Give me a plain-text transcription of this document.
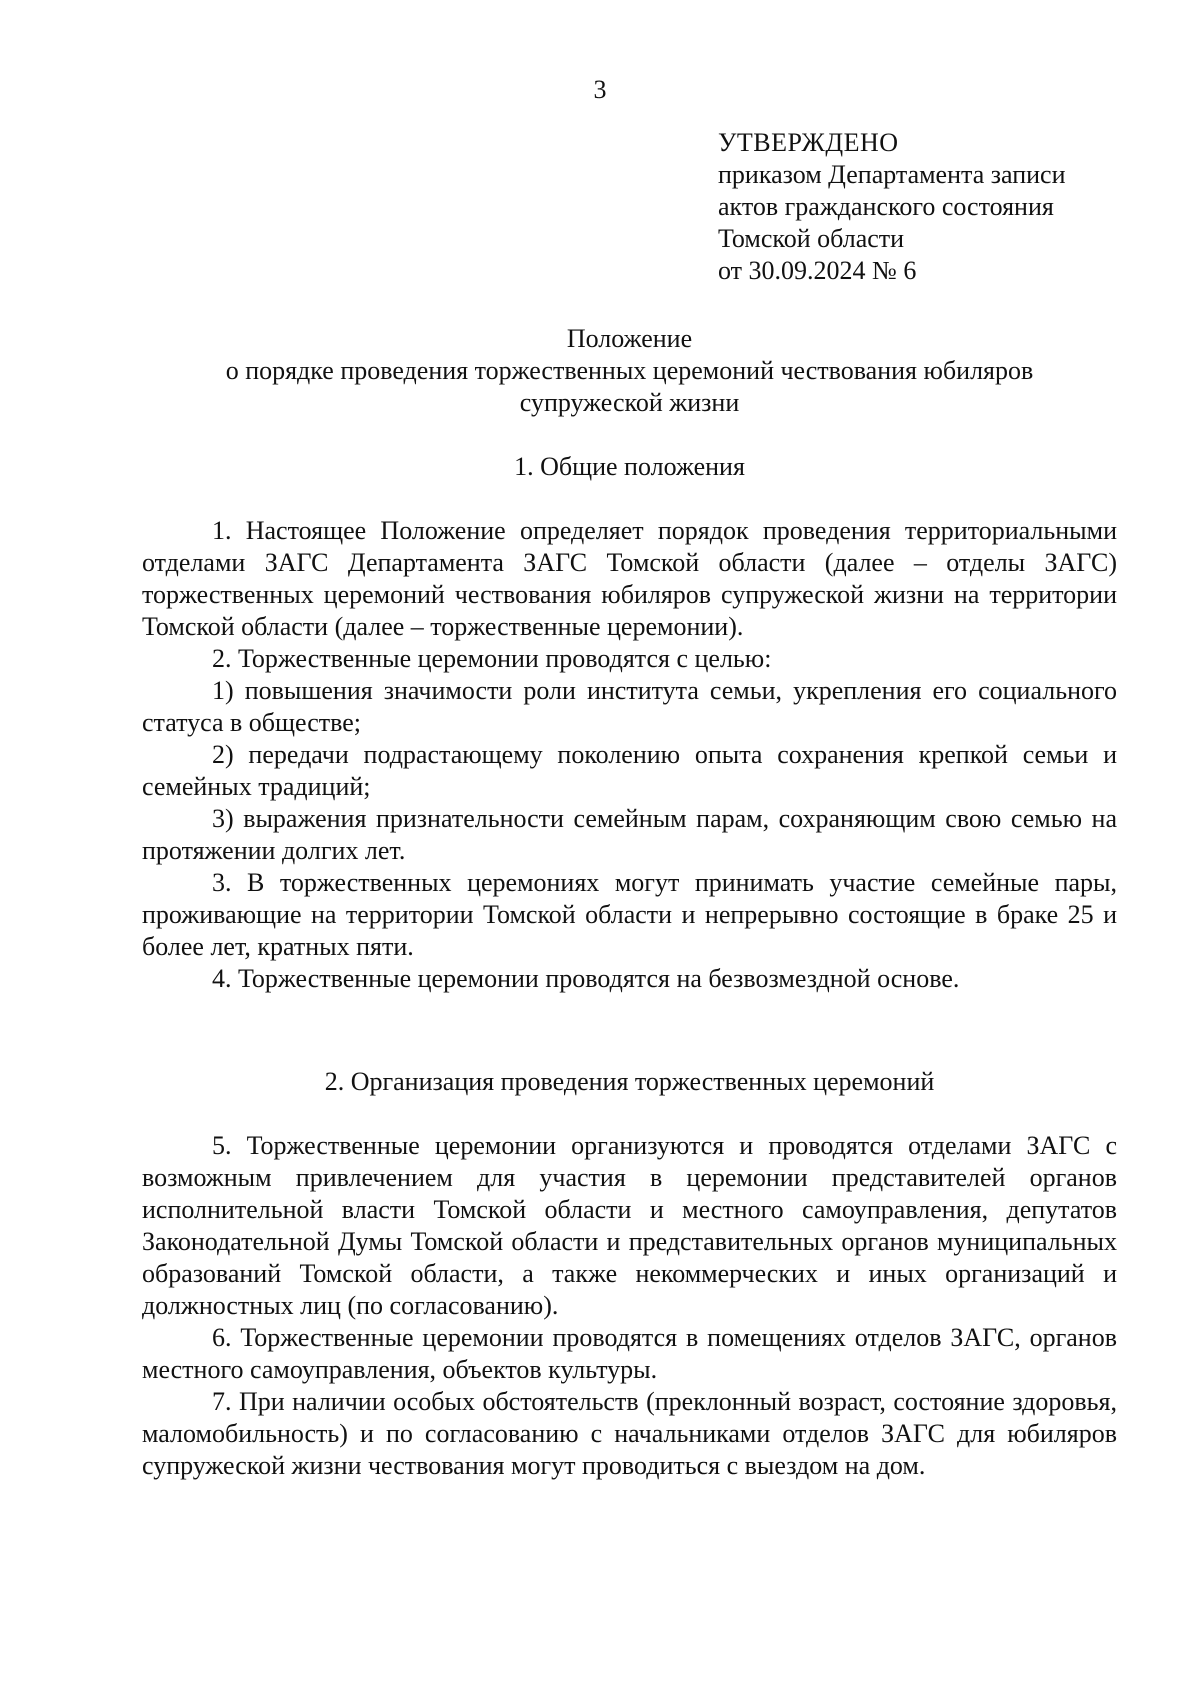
3
УТВЕРЖДЕНО
приказом Департамента записи
актов гражданского состояния
Томской области
от 30.09.2024 № 6
Положение
о порядке проведения торжественных церемоний чествования юбиляров
супружеской жизни
1. Общие положения

1. Настоящее Положение определяет порядок проведения территориальными отделами ЗАГС Департамента ЗАГС Томской области (далее – отделы ЗАГС) торжественных церемоний чествования юбиляров супружеской жизни на территории Томской области (далее – торжественные церемонии).

2. Торжественные церемонии проводятся с целью:

1) повышения значимости роли института семьи, укрепления его социального статуса в обществе;

2) передачи подрастающему поколению опыта сохранения крепкой семьи и семейных традиций;

3) выражения признательности семейным парам, сохраняющим свою семью на протяжении долгих лет.

3. В торжественных церемониях могут принимать участие семейные пары, проживающие на территории Томской области и непрерывно состоящие в браке 25 и более лет, кратных пяти.

4. Торжественные церемонии проводятся на безвозмездной основе.

2. Организация проведения торжественных церемоний

5. Торжественные церемонии организуются и проводятся отделами ЗАГС с возможным привлечением для участия в церемонии представителей органов исполнительной власти Томской области и местного самоуправления, депутатов Законодательной Думы Томской области и представительных органов муниципальных образований Томской области, а также некоммерческих и иных организаций и должностных лиц (по согласованию).

6. Торжественные церемонии проводятся в помещениях отделов ЗАГС, органов местного самоуправления, объектов культуры.

7. При наличии особых обстоятельств (преклонный возраст, состояние здоровья, маломобильность) и по согласованию с начальниками отделов ЗАГС для юбиляров супружеской жизни чествования могут проводиться с выездом на дом.
